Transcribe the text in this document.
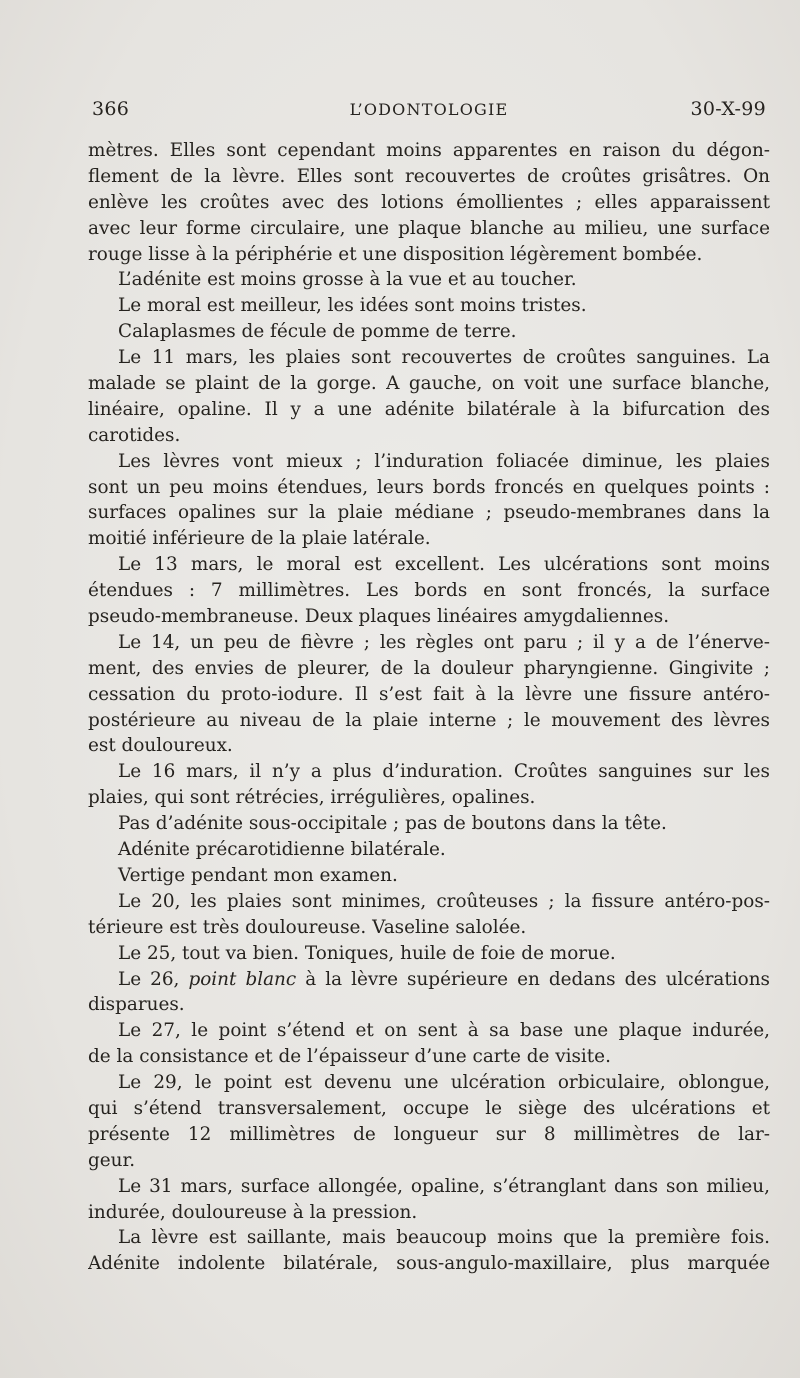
366	L’ODONTOLOGIE	30-X-99
mètres. Elles sont cependant moins apparentes en raison du dégon-
flement de la lèvre. Elles sont recouvertes de croûtes grisâtres. On
enlève les croûtes avec des lotions émollientes ; elles apparaissent
avec leur forme circulaire, une plaque blanche au milieu, une surface
rouge lisse à la périphérie et une disposition légèrement bombée.
L’adénite est moins grosse à la vue et au toucher.
Le moral est meilleur, les idées sont moins tristes.
Calaplasmes de fécule de pomme de terre.
Le 11 mars, les plaies sont recouvertes de croûtes sanguines. La
malade se plaint de la gorge. A gauche, on voit une surface blanche,
linéaire, opaline. Il y a une adénite bilatérale à la bifurcation des
carotides.
Les lèvres vont mieux ; l’induration foliacée diminue, les plaies
sont un peu moins étendues, leurs bords froncés en quelques points :
surfaces opalines sur la plaie médiane ; pseudo-membranes dans la
moitié inférieure de la plaie latérale.
Le 13 mars, le moral est excellent. Les ulcérations sont moins
étendues : 7 millimètres. Les bords en sont froncés, la surface
pseudo-membraneuse. Deux plaques linéaires amygdaliennes.
Le 14, un peu de fièvre ; les règles ont paru ; il y a de l’énerve-
ment, des envies de pleurer, de la douleur pharyngienne. Gingivite ;
cessation du proto-iodure. Il s’est fait à la lèvre une fissure antéro-
postérieure au niveau de la plaie interne ; le mouvement des lèvres
est douloureux.
Le 16 mars, il n’y a plus d’induration. Croûtes sanguines sur les
plaies, qui sont rétrécies, irrégulières, opalines.
Pas d’adénite sous-occipitale ; pas de boutons dans la tête.
Adénite précarotidienne bilatérale.
Vertige pendant mon examen.
Le 20, les plaies sont minimes, croûteuses ; la fissure antéro-pos-
térieure est très douloureuse. Vaseline salolée.
Le 25, tout va bien. Toniques, huile de foie de morue.
Le 26, point blanc à la lèvre supérieure en dedans des ulcérations
disparues.
Le 27, le point s’étend et on sent à sa base une plaque indurée,
de la consistance et de l’épaisseur d’une carte de visite.
Le 29, le point est devenu une ulcération orbiculaire, oblongue,
qui s’étend transversalement, occupe le siège des ulcérations et
présente 12 millimètres de longueur sur 8 millimètres de lar-
geur.
Le 31 mars, surface allongée, opaline, s’étranglant dans son milieu,
indurée, douloureuse à la pression.
La lèvre est saillante, mais beaucoup moins que la première fois.
Adénite indolente bilatérale, sous-angulo-maxillaire, plus marquée
